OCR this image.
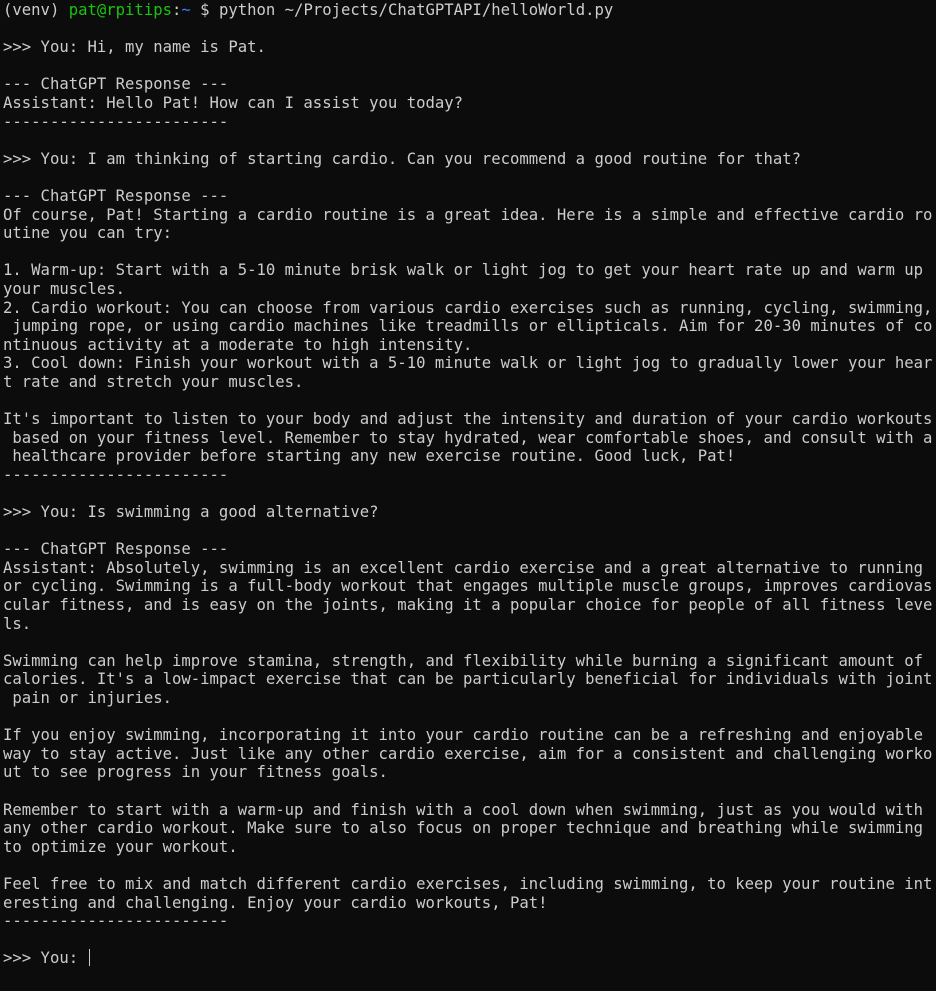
(venv) pat@rpitips:~ $ python ~/Projects/ChatGPTAPI/helloWorld.py
>>> You: Hi, my name is Pat.
--- ChatGPT Response ---
Assistant: Hello Pat! How can I assist you today?
------------------------
>>> You: I am thinking of starting cardio. Can you recommend a good routine for that?
--- ChatGPT Response ---
Of course, Pat! Starting a cardio routine is a great idea. Here is a simple and effective cardio ro
utine you can try:
1. Warm-up: Start with a 5-10 minute brisk walk or light jog to get your heart rate up and warm up
your muscles.
2. Cardio workout: You can choose from various cardio exercises such as running, cycling, swimming,
jumping rope, or using cardio machines like treadmills or ellipticals. Aim for 20-30 minutes of co
ntinuous activity at a moderate to high intensity.
3. Cool down: Finish your workout with a 5-10 minute walk or light jog to gradually lower your hear
t rate and stretch your muscles.
It's important to listen to your body and adjust the intensity and duration of your cardio workouts
based on your fitness level. Remember to stay hydrated, wear comfortable shoes, and consult with a
healthcare provider before starting any new exercise routine. Good luck, Pat!
------------------------
>>> You: Is swimming a good alternative?
--- ChatGPT Response ---
Assistant: Absolutely, swimming is an excellent cardio exercise and a great alternative to running
or cycling. Swimming is a full-body workout that engages multiple muscle groups, improves cardiovas
cular fitness, and is easy on the joints, making it a popular choice for people of all fitness leve
ls.
Swimming can help improve stamina, strength, and flexibility while burning a significant amount of
calories. It's a low-impact exercise that can be particularly beneficial for individuals with joint
pain or injuries.
If you enjoy swimming, incorporating it into your cardio routine can be a refreshing and enjoyable
way to stay active. Just like any other cardio exercise, aim for a consistent and challenging worko
ut to see progress in your fitness goals.
Remember to start with a warm-up and finish with a cool down when swimming, just as you would with
any other cardio workout. Make sure to also focus on proper technique and breathing while swimming
to optimize your workout.
Feel free to mix and match different cardio exercises, including swimming, to keep your routine int
eresting and challenging. Enjoy your cardio workouts, Pat!
------------------------
>>> You:
